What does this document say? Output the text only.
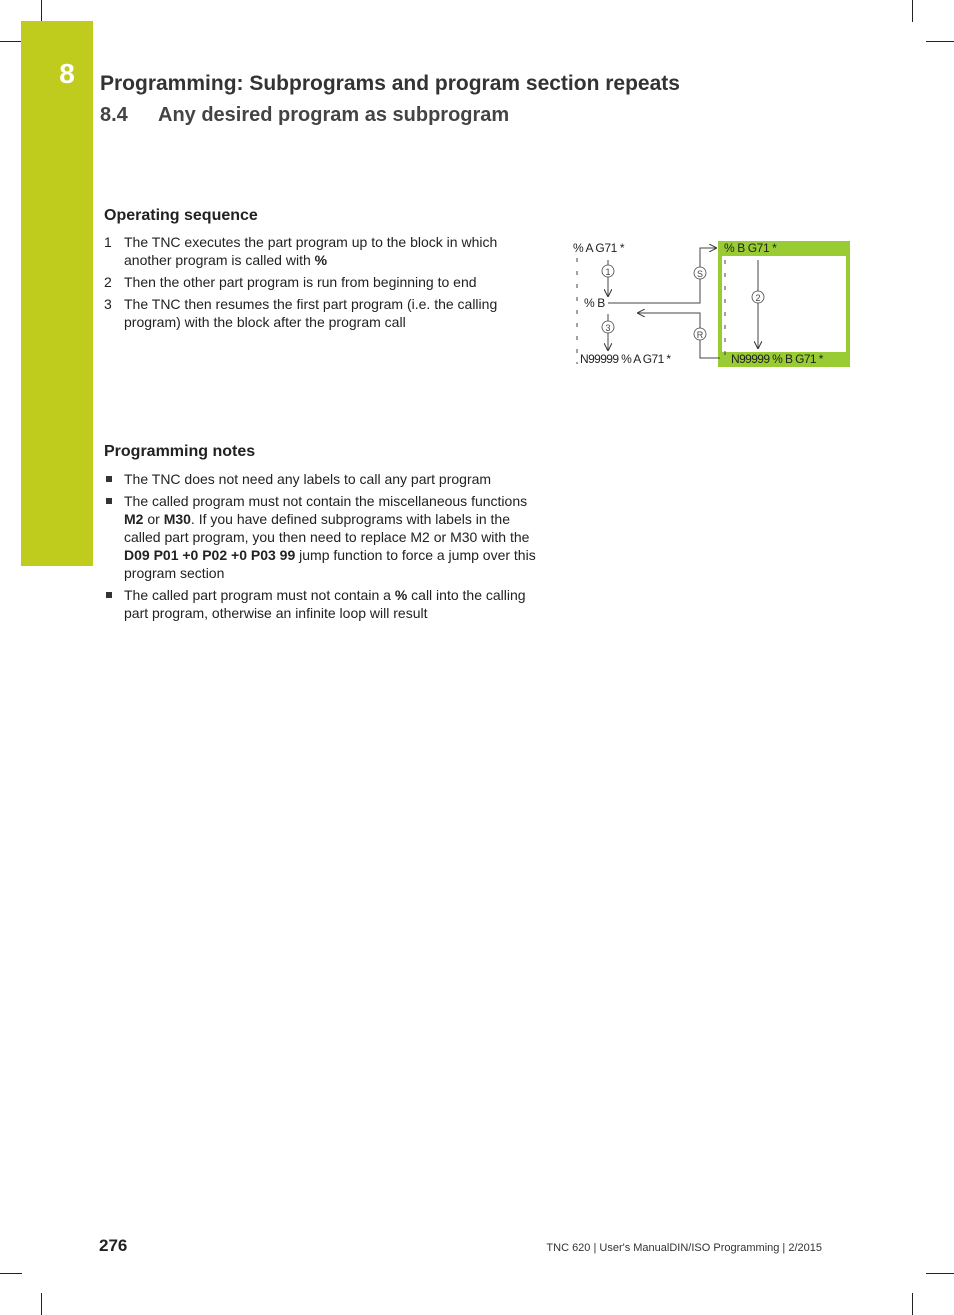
8	Programming: Subprograms and program section repeats
8.4 Any desired program as subprogram
Operating sequence
1 The TNC executes the part program up to the block in which another program is called with %
2 Then the other part program is run from beginning to end
3 The TNC then resumes the first part program (i.e. the calling program) with the block after the program call
% A G71 *
1
% B
3
N99999 % A G71 *
S
R
% B G71 *
2
N99999 % B G71 *
Programming notes
The TNC does not need any labels to call any part program
The called program must not contain the miscellaneous functions M2 or M30. If you have defined subprograms with labels in the called part program, you then need to replace M2 or M30 with the D09 P01 +0 P02 +0 P03 99 jump function to force a jump over this program section
The called part program must not contain a % call into the calling part program, otherwise an infinite loop will result
276	TNC 620 | User's ManualDIN/ISO Programming | 2/2015
